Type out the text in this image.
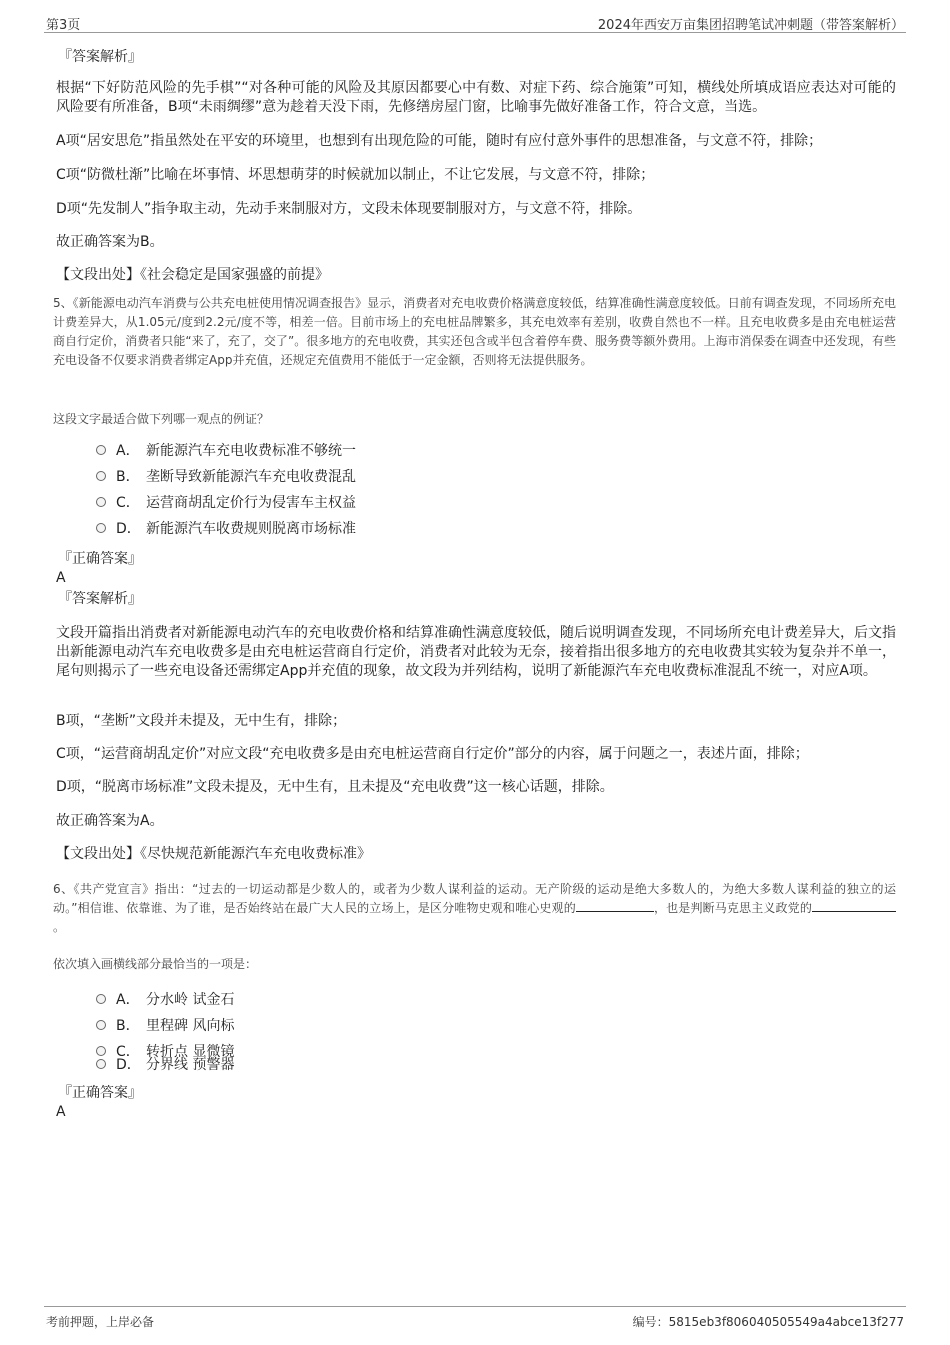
第3页	2024年西安万亩集团招聘笔试冲刺题（带答案解析）
『答案解析』
根据“下好防范风险的先手棋”“对各种可能的风险及其原因都要心中有数、对症下药、综合施策”可知，横线处所填成语应表达对可能的风险要有所准备，B项“未雨绸缪”意为趁着天没下雨，先修缮房屋门窗，比喻事先做好准备工作，符合文意，当选。
A项“居安思危”指虽然处在平安的环境里，也想到有出现危险的可能，随时有应付意外事件的思想准备，与文意不符，排除；
C项“防微杜渐”比喻在坏事情、坏思想萌芽的时候就加以制止，不让它发展，与文意不符，排除；
D项“先发制人”指争取主动，先动手来制服对方，文段未体现要制服对方，与文意不符，排除。
故正确答案为B。
【文段出处】《社会稳定是国家强盛的前提》
5、《新能源电动汽车消费与公共充电桩使用情况调查报告》显示，消费者对充电收费价格满意度较低，结算准确性满意度较低。日前有调查发现，不同场所充电计费差异大，从1.05元/度到2.2元/度不等，相差一倍。目前市场上的充电桩品牌繁多，其充电效率有差别，收费自然也不一样。且充电收费多是由充电桩运营商自行定价，消费者只能“来了，充了，交了”。很多地方的充电收费，其实还包含或半包含着停车费、服务费等额外费用。上海市消保委在调查中还发现，有些充电设备不仅要求消费者绑定App并充值，还规定充值费用不能低于一定金额，否则将无法提供服务。
这段文字最适合做下列哪一观点的例证？
A． 新能源汽车充电收费标准不够统一
B． 垄断导致新能源汽车充电收费混乱
C． 运营商胡乱定价行为侵害车主权益
D． 新能源汽车收费规则脱离市场标准
『正确答案』
A
『答案解析』
文段开篇指出消费者对新能源电动汽车的充电收费价格和结算准确性满意度较低，随后说明调查发现，不同场所充电计费差异大，后文指出新能源电动汽车充电收费多是由充电桩运营商自行定价，消费者对此较为无奈，接着指出很多地方的充电收费其实较为复杂并不单一，尾句则揭示了一些充电设备还需绑定App并充值的现象，故文段为并列结构，说明了新能源汽车充电收费标准混乱不统一，对应A项。
B项，“垄断”文段并未提及，无中生有，排除；
C项，“运营商胡乱定价”对应文段“充电收费多是由充电桩运营商自行定价”部分的内容，属于问题之一，表述片面，排除；
D项，“脱离市场标准”文段未提及，无中生有，且未提及“充电收费”这一核心话题，排除。
故正确答案为A。
【文段出处】《尽快规范新能源汽车充电收费标准》
6、《共产党宣言》指出：“过去的一切运动都是少数人的，或者为少数人谋利益的运动。无产阶级的运动是绝大多数人的，为绝大多数人谋利益的独立的运动。”相信谁、依靠谁、为了谁，是否始终站在最广大人民的立场上，是区分唯物史观和唯心史观的	，也是判断马克思主义政党的。
依次填入画横线部分最恰当的一项是：
A． 分水岭 试金石
B． 里程碑 风向标
C． 转折点 显微镜
D． 分界线 预警器
『正确答案』
A
考前押题，上岸必备	编号：5815eb3f806040505549a4abce13f277
